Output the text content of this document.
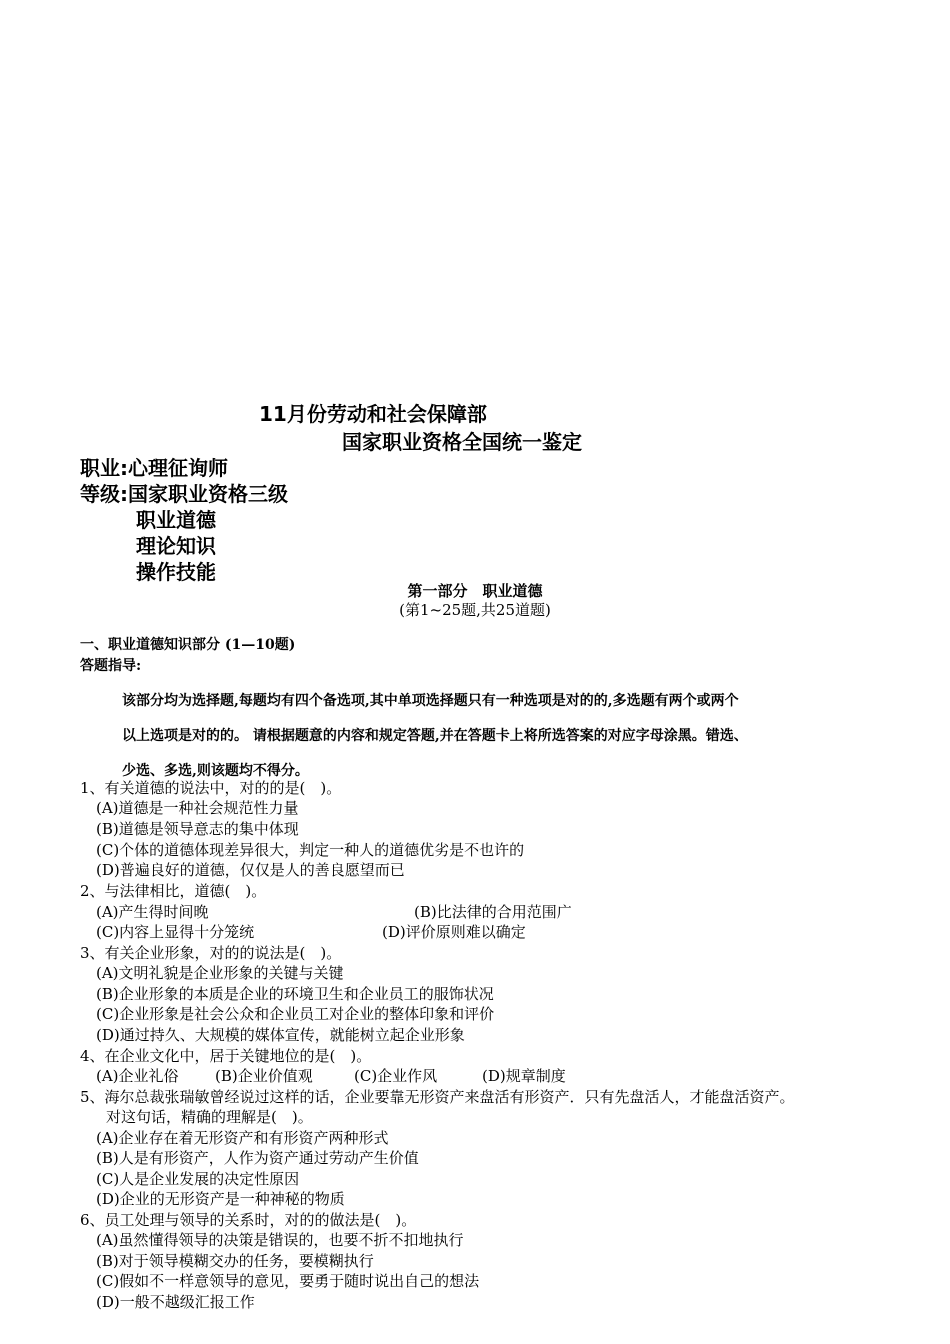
11月份劳动和社会保障部
国家职业资格全国统一鉴定
职业:心理征询师
等级:国家职业资格三级
职业道德
理论知识
操作技能
第一部分　职业道德
(第1~25题,共25道题)
一、职业道德知识部分 (1—10题)
答题指导:
该部分均为选择题,每题均有四个备选项,其中单项选择题只有一种选项是对的的,多选题有两个或两个
以上选项是对的的。 请根据题意的内容和规定答题,并在答题卡上将所选答案的对应字母涂黑。错选、
少选、多选,则该题均不得分。
1、有关道德的说法中，对的的是(　)。
(A)道德是一种社会规范性力量
(B)道德是领导意志的集中体现
(C)个体的道德体现差异很大，判定一种人的道德优劣是不也许的
(D)普遍良好的道德，仅仅是人的善良愿望而已
2、与法律相比，道德(　)。
(A)产生得时间晚	(B)比法律的合用范围广
(C)内容上显得十分笼统	(D)评价原则难以确定
3、有关企业形象，对的的说法是(　)。
(A)文明礼貌是企业形象的关键与关键
(B)企业形象的本质是企业的环境卫生和企业员工的服饰状况
(C)企业形象是社会公众和企业员工对企业的整体印象和评价
(D)通过持久、大规模的媒体宣传，就能树立起企业形象
4、在企业文化中，居于关键地位的是(　)。
(A)企业礼俗 (B)企业价值观	(C)企业作风	(D)规章制度
5、海尔总裁张瑞敏曾经说过这样的话，企业要靠无形资产来盘活有形资产．只有先盘活人，才能盘活资产。
对这句话，精确的理解是(　)。
(A)企业存在着无形资产和有形资产两种形式
(B)人是有形资产，人作为资产通过劳动产生价值
(C)人是企业发展的决定性原因
(D)企业的无形资产是一种神秘的物质
6、员工处理与领导的关系时，对的的做法是(　)。
(A)虽然懂得领导的决策是错误的，也要不折不扣地执行
(B)对于领导模糊交办的任务，要模糊执行
(C)假如不一样意领导的意见，要勇于随时说出自己的想法
(D)一般不越级汇报工作
